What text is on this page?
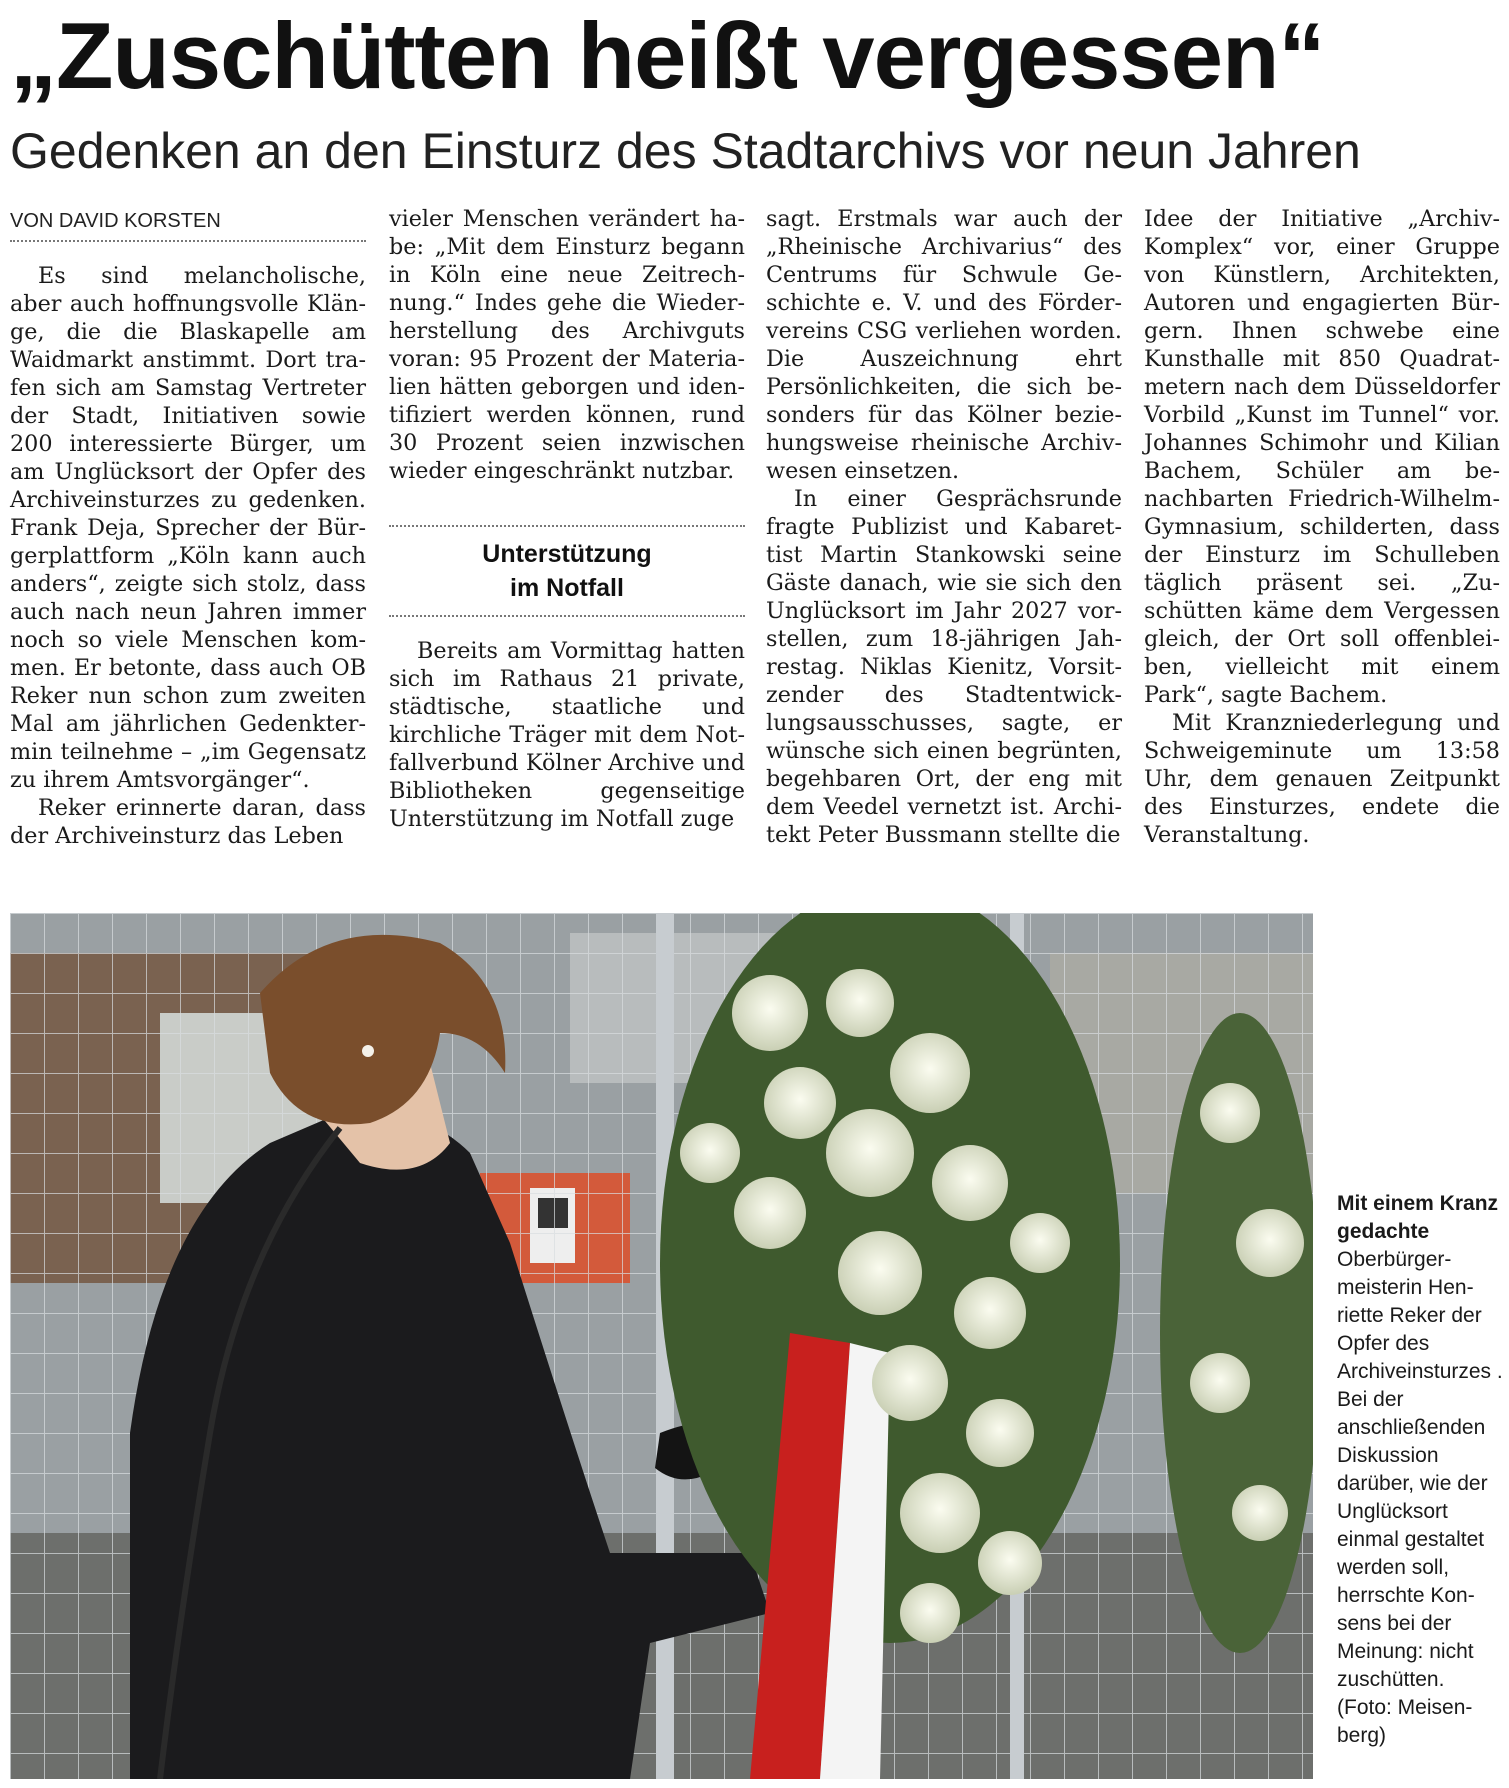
„Zuschütten heißt vergessen“
Gedenken an den Einsturz des Stadtarchivs vor neun Jahren
VON DAVID KORSTEN

Es sind melancholische, aber auch hoffnungsvolle Klänge, die die Blaskapelle am Waidmarkt anstimmt. Dort trafen sich am Samstag Vertreter der Stadt, Initiativen sowie 200 interessierte Bürger, um am Unglücksort der Opfer des Archiveinsturzes zu gedenken. Frank Deja, Sprecher der Bürgerplattform „Köln kann auch anders“, zeigte sich stolz, dass auch nach neun Jahren immer noch so viele Menschen kommen. Er betonte, dass auch OB Reker nun schon zum zweiten Mal am jährlichen Gedenktermin teilnehme – „im Gegensatz zu ihrem Amtsvorgänger“.

Reker erinnerte daran, dass der Archiveinsturz das Leben

vieler Menschen verändert habe: „Mit dem Einsturz begann in Köln eine neue Zeitrechnung.“ Indes gehe die Wiederherstellung des Archivguts voran: 95 Prozent der Materialien hätten geborgen und identifiziert werden können, rund 30 Prozent seien inzwischen wieder eingeschränkt nutzbar.

Unterstützung
im Notfall

Bereits am Vormittag hatten sich im Rathaus 21 private, städtische, staatliche und kirchliche Träger mit dem Notfallverbund Kölner Archive und Bibliotheken gegenseitige Unterstützung im Notfall zuge

sagt. Erstmals war auch der „Rheinische Archivarius“ des Centrums für Schwule Geschichte e. V. und des Fördervereins CSG verliehen worden. Die Auszeichnung ehrt Persönlichkeiten, die sich besonders für das Kölner beziehungsweise rheinische Archivwesen einsetzen.

In einer Gesprächsrunde fragte Publizist und Kabarettist Martin Stankowski seine Gäste danach, wie sie sich den Unglücksort im Jahr 2027 vorstellen, zum 18-jährigen Jahrestag. Niklas Kienitz, Vorsitzender des Stadtentwicklungsausschusses, sagte, er wünsche sich einen begrünten, begehbaren Ort, der eng mit dem Veedel vernetzt ist. Architekt Peter Bussmann stellte die

Idee der Initiative „ArchivKomplex“ vor, einer Gruppe von Künstlern, Architekten, Autoren und engagierten Bürgern. Ihnen schwebe eine Kunsthalle mit 850 Quadratmetern nach dem Düsseldorfer Vorbild „Kunst im Tunnel“ vor. Johannes Schimohr und Kilian Bachem, Schüler am benachbarten Friedrich-Wilhelm-Gymnasium, schilderten, dass der Einsturz im Schulleben täglich präsent sei. „Zuschütten käme dem Vergessen gleich, der Ort soll offenbleiben, vielleicht mit einem Park“, sagte Bachem.

Mit Kranzniederlegung und Schweigeminute um 13:58 Uhr, dem genauen Zeitpunkt des Einsturzes, endete die Veranstaltung.

Mit einem Kranz gedachte Oberbürgermeisterin Henriette Reker der Opfer des Archiveinsturzes . Bei der anschließenden Diskussion darüber, wie der Unglücksort einmal gestaltet werden soll, herrschte Konsens bei der Meinung: nicht zuschütten. (Foto: Meisenberg)
